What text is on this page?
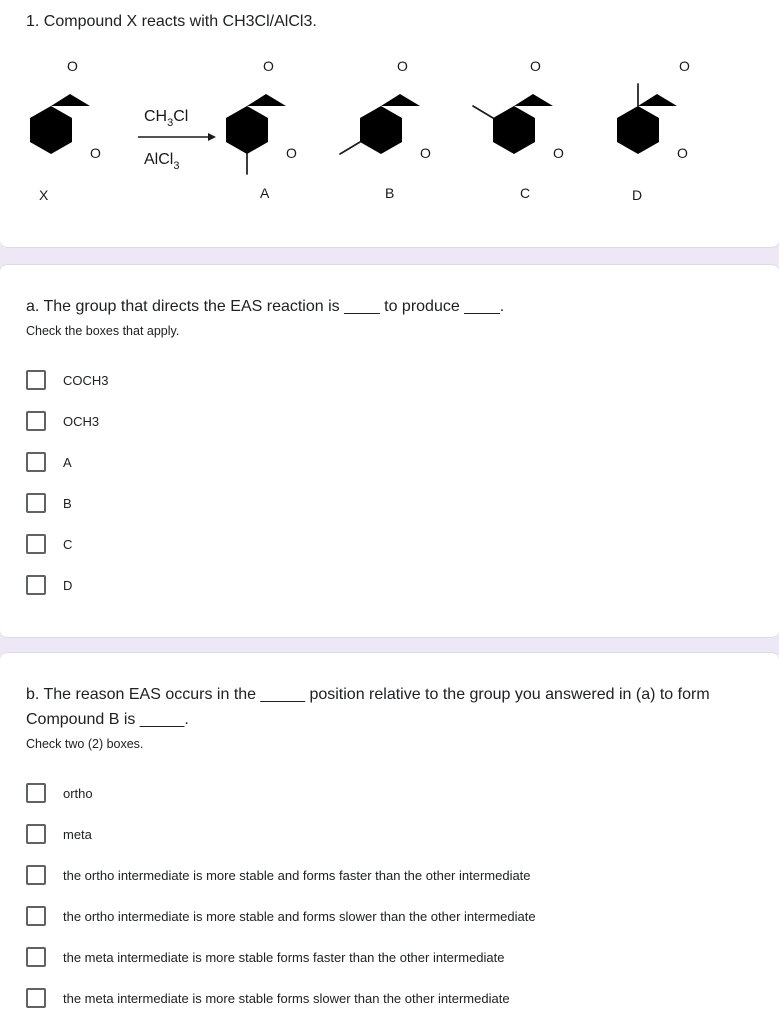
1. Compound X reacts with CH3Cl/AlCl3.
O
O
$CH_3Cl$
AlCl$_3$
O
O
O
O
O
O
O
O
X	A	B	C	D
a. The group that directs the EAS reaction is ____ to produce ____.
Check the boxes that apply.
COCH3
OCH3
A
B
C
D
b. The reason EAS occurs in the _____ position relative to the group you answered in (a) to form
Compound B is _____.
Check two (2) boxes.
ortho
meta
the ortho intermediate is more stable and forms faster than the other intermediate
the ortho intermediate is more stable and forms slower than the other intermediate
the meta intermediate is more stable forms faster than the other intermediate
the meta intermediate is more stable forms slower than the other intermediate
